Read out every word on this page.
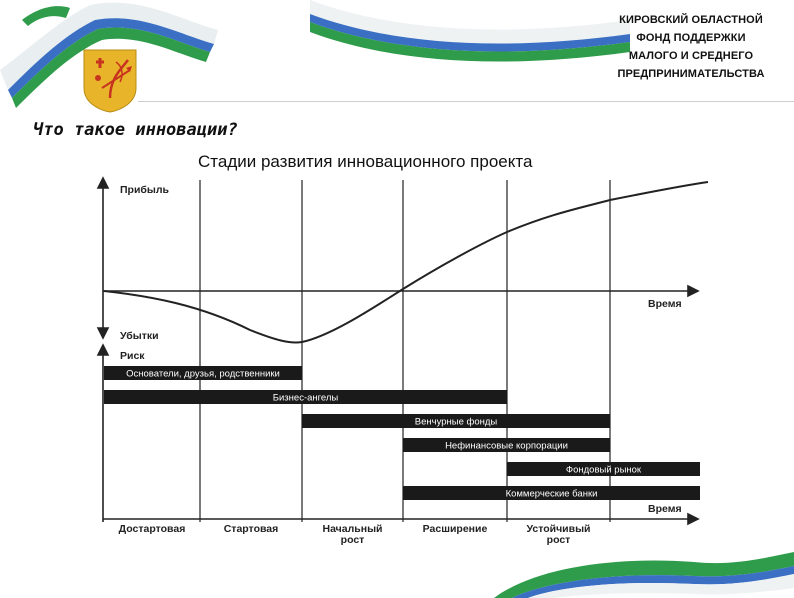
КИРОВСКИЙ ОБЛАСТНОЙ
ФОНД ПОДДЕРЖКИ
МАЛОГО И СРЕДНЕГО
ПРЕДПРИНИМАТЕЛЬСТВА
Что такое инновации?
Стадии развития инновационного проекта
Прибыль
Убытки
Время
Риск
Время
Основатели, друзья, родственники
Бизнес-ангелы
Венчурные фонды
Нефинансовые корпорации
Фондовый рынок
Коммерческие банки
Достартовая	Стартовая	Начальный
рост
Расширение	Устойчивый
рост
